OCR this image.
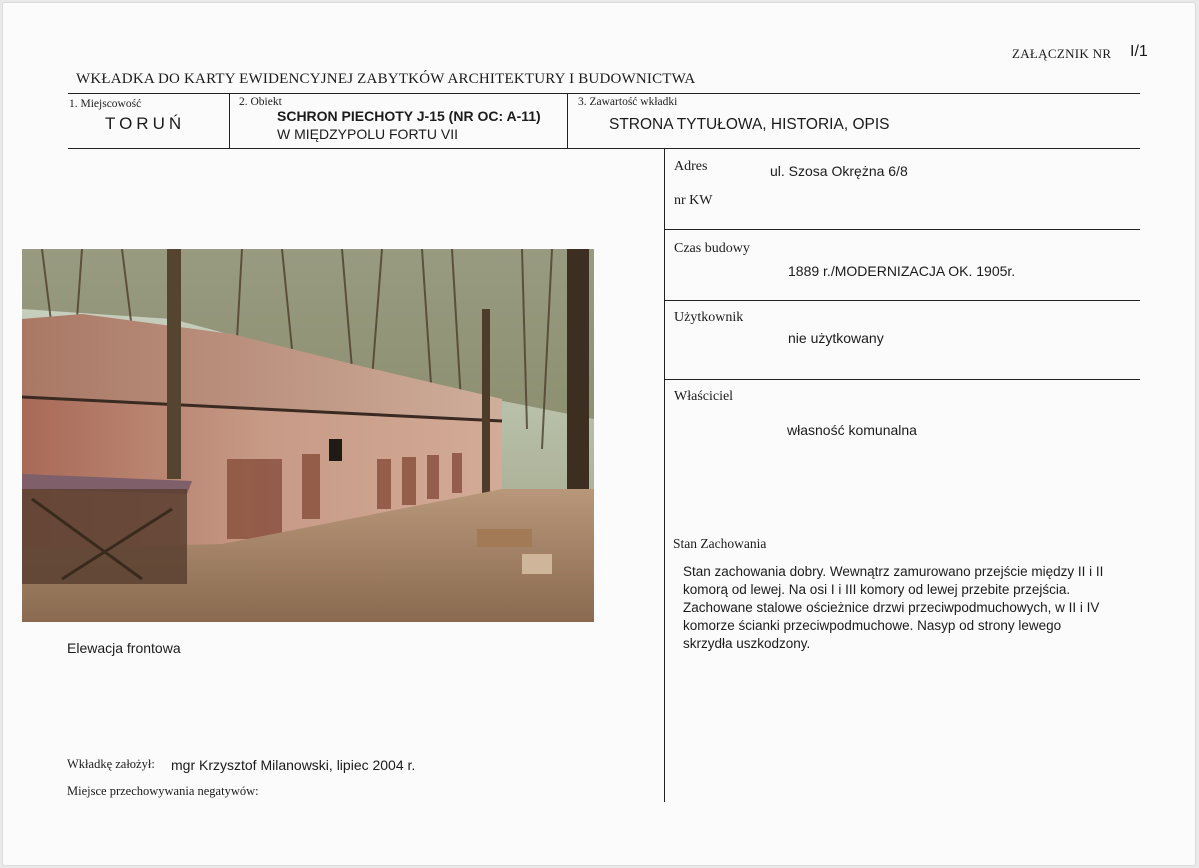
ZAŁĄCZNIK NR I/1
WKŁADKA DO KARTY EWIDENCYJNEJ ZABYTKÓW ARCHITEKTURY I BUDOWNICTWA
1. Miejscowość
TORUŃ
2. Obiekt
SCHRON PIECHOTY J-15 (NR OC: A-11)
W MIĘDZYPOLU FORTU VII
3. Zawartość wkładki
STRONA TYTUŁOWA, HISTORIA, OPIS
Adres	ul. Szosa Okrężna 6/8
nr KW
Czas budowy
1889 r./MODERNIZACJA OK. 1905r.
Użytkownik
nie użytkowany
Właściciel
własność komunalna
Stan Zachowania
Stan zachowania dobry. Wewnątrz zamurowano przejście między II i II komorą od lewej. Na osi I i III komory od lewej przebite przejścia. Zachowane stalowe ościeżnice drzwi przeciwpodmuchowych, w II i IV komorze ścianki przeciwpodmuchowe. Nasyp od strony lewego skrzydła uszkodzony.
Elewacja frontowa
Wkładkę założył: mgr Krzysztof Milanowski, lipiec 2004 r.
Miejsce przechowywania negatywów:
